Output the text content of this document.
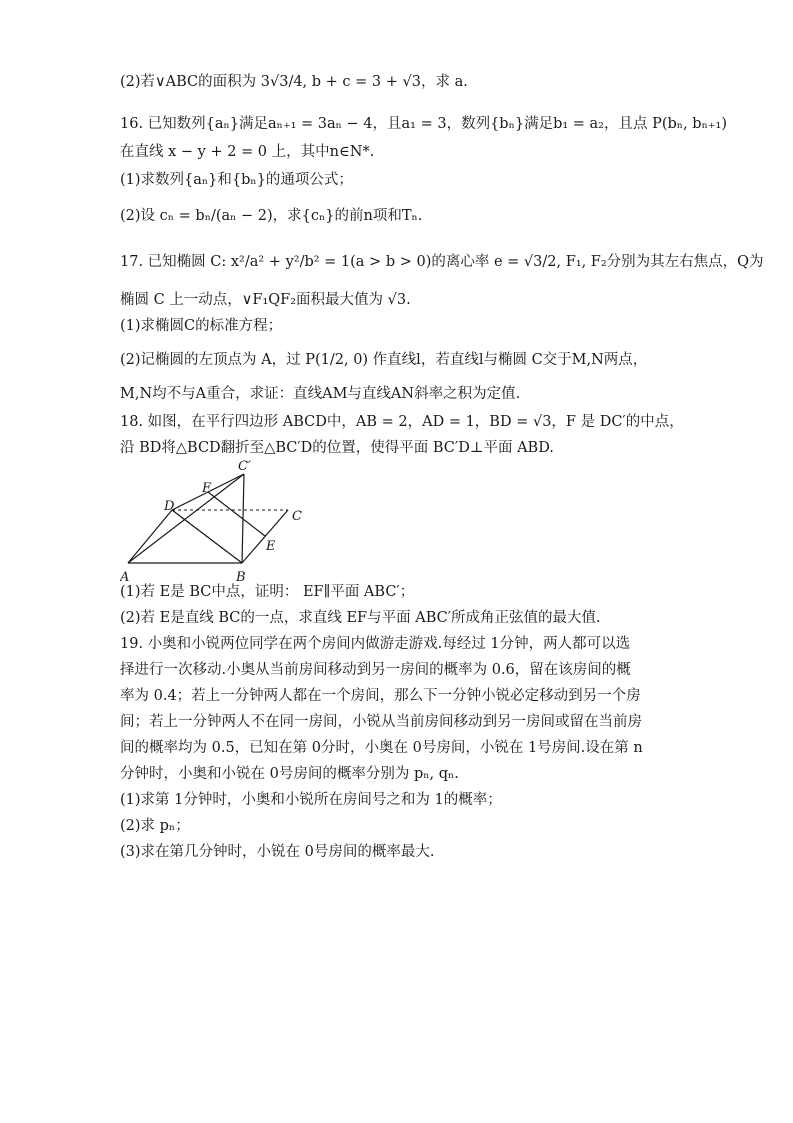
(2)若∨ABC的面积为 3√3/4, b + c = 3 + √3，求 a.
16. 已知数列{aₙ}满足aₙ₊₁ = 3aₙ − 4，且a₁ = 3，数列{bₙ}满足b₁ = a₂，且点 P(bₙ, bₙ₊₁)
在直线 x − y + 2 = 0 上，其中n∈N*.
(1)求数列{aₙ}和{bₙ}的通项公式；
(2)设 cₙ = bₙ/(aₙ − 2)，求{cₙ}的前n项和Tₙ.
17. 已知椭圆 C: x²/a² + y²/b² = 1(a > b > 0)的离心率 e = √3/2, F₁, F₂分别为其左右焦点，Q为
椭圆 C 上一动点，∨F₁QF₂面积最大值为 √3.
(1)求椭圆C的标准方程；
(2)记椭圆的左顶点为 A，过 P(1/2, 0) 作直线l，若直线l与椭圆 C交于M,N两点，
M,N均不与A重合，求证：直线AM与直线AN斜率之积为定值.
18. 如图，在平行四边形 ABCD中，AB = 2，AD = 1，BD = √3，F 是 DC′的中点，
沿 BD将△BCD翻折至△BC′D的位置，使得平面 BC′D⊥平面 ABD.
A	B
C
D
E
F
C′
(1)若 E是 BC中点，证明： EF∥平面 ABC′；
(2)若 E是直线 BC的一点，求直线 EF与平面 ABC′所成角正弦值的最大值.
19. 小奥和小锐两位同学在两个房间内做游走游戏.每经过 1分钟，两人都可以选
择进行一次移动.小奥从当前房间移动到另一房间的概率为 0.6，留在该房间的概
率为 0.4；若上一分钟两人都在一个房间，那么下一分钟小锐必定移动到另一个房
间；若上一分钟两人不在同一房间，小锐从当前房间移动到另一房间或留在当前房
间的概率均为 0.5，已知在第 0分时，小奥在 0号房间，小锐在 1号房间.设在第 n
分钟时，小奥和小锐在 0号房间的概率分别为 pₙ, qₙ.
(1)求第 1分钟时，小奥和小锐所在房间号之和为 1的概率；
(2)求 pₙ；
(3)求在第几分钟时，小锐在 0号房间的概率最大.
